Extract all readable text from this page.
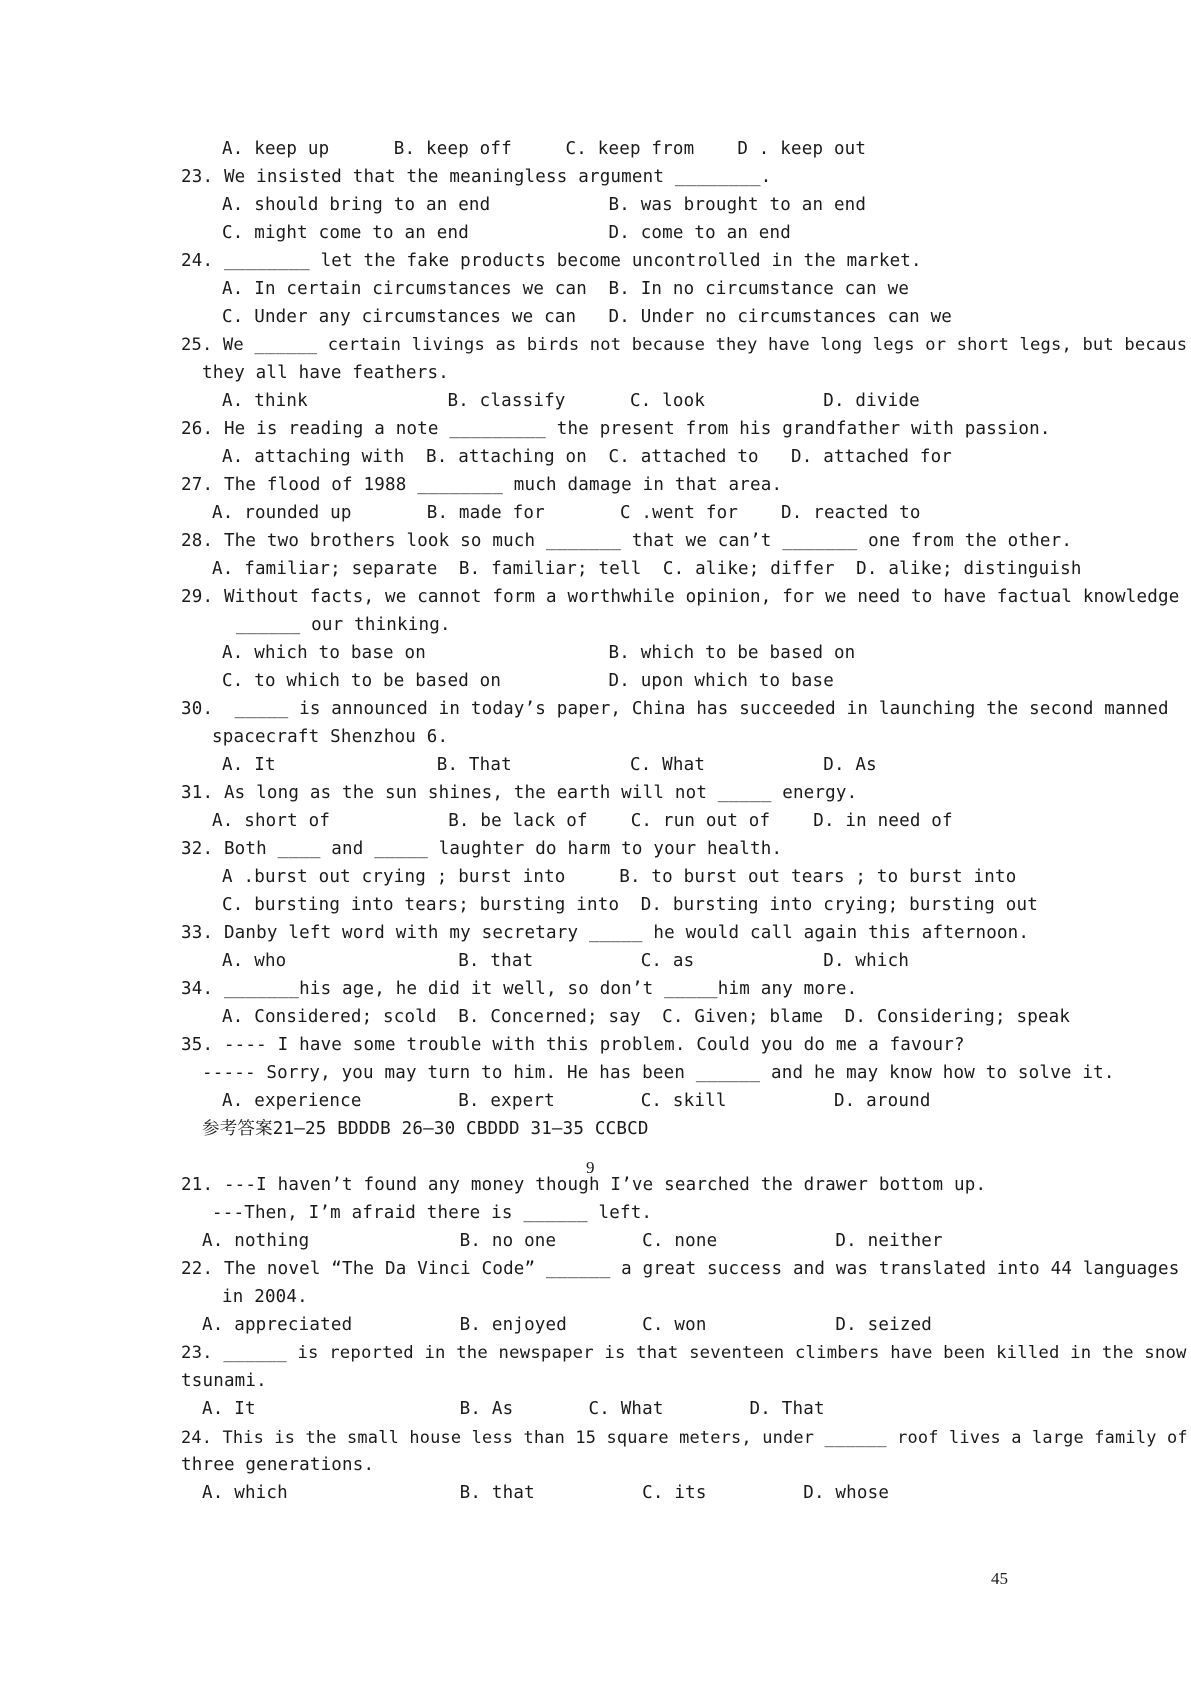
A. keep up      B. keep off     C. keep from    D . keep out

23. We insisted that the meaningless argument ________.

A. should bring to an end           B. was brought to an end

C. might come to an end             D. come to an end

24. ________ let the fake products become uncontrolled in the market.

A. In certain circumstances we can  B. In no circumstance can we

C. Under any circumstances we can   D. Under no circumstances can we

25. We ______ certain livings as birds not because they have long legs or short legs, but becaus

they all have feathers.

A. think             B. classify      C. look           D. divide

26. He is reading a note _________ the present from his grandfather with passion.

A. attaching with  B. attaching on  C. attached to   D. attached for

27. The flood of 1988 ________ much damage in that area.

A. rounded up       B. made for       C .went for    D. reacted to

28. The two brothers look so much _______ that we can’t _______ one from the other.

A. familiar; separate  B. familiar; tell  C. alike; differ  D. alike; distinguish

29. Without facts, we cannot form a worthwhile opinion, for we need to have factual knowledge

______ our thinking.

A. which to base on                 B. which to be based on

C. to which to be based on          D. upon which to base

30.  _____ is announced in today’s paper, China has succeeded in launching the second manned

spacecraft Shenzhou 6.

A. It               B. That           C. What           D. As

31. As long as the sun shines, the earth will not _____ energy.

A. short of           B. be lack of    C. run out of    D. in need of

32. Both ____ and _____ laughter do harm to your health.

A .burst out crying ; burst into     B. to burst out tears ; to burst into

C. bursting into tears; bursting into  D. bursting into crying; bursting out

33. Danby left word with my secretary _____ he would call again this afternoon.

A. who                B. that          C. as            D. which

34. _______his age, he did it well, so don’t _____him any more.

A. Considered; scold  B. Concerned; say  C. Given; blame  D. Considering; speak

35. ---- I have some trouble with this problem. Could you do me a favour?

----- Sorry, you may turn to him. He has been ______ and he may know how to solve it.

A. experience         B. expert        C. skill          D. around

参考答案21—25 BDDDB 26—30 CBDDD 31—35 CCBCD

21. ---I haven’t found any money though I’ve searched the drawer bottom up.

---Then, I’m afraid there is ______ left.

A. nothing              B. no one        C. none           D. neither

22. The novel “The Da Vinci Code” ______ a great success and was translated into 44 languages

in 2004.

A. appreciated          B. enjoyed       C. won            D. seized

23. ______ is reported in the newspaper is that seventeen climbers have been killed in the snow

tsunami.

A. It                   B. As       C. What        D. That

24. This is the small house less than 15 square meters, under ______ roof lives a large family of

three generations.

A. which                B. that          C. its         D. whose

9

45
